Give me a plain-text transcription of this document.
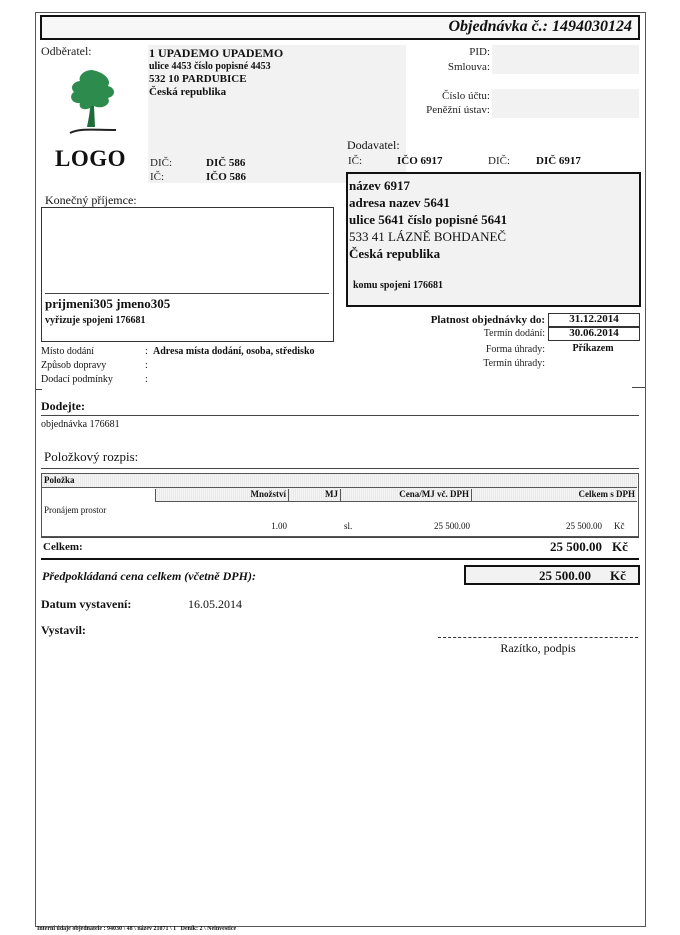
Objednávka č.: 1494030124
Odběratel:
LOGO
1 UPADEMO UPADEMO
ulice 4453 číslo popisné 4453
532 10 PARDUBICE
Česká republika
DIČ:	DIČ 586
IČ:	IČO 586
PID:
Smlouva:
Číslo účtu:
Peněžní ústav:
Dodavatel:
IČ:	IČO 6917	DIČ: DIČ 6917
název 6917
adresa nazev 5641
ulice 5641 číslo popisné 5641
533 41 LÁZNĚ BOHDANEČ
Česká republika
komu spojeni 176681
Konečný příjemce:
prijmeni305 jmeno305
vyřizuje spojeni 176681	Platnost objednávky do:	31.12.2014
Termín dodání:	30.06.2014
Forma úhrady:	Příkazem
Termín úhrady:
Místo dodání	: Adresa místa dodání, osoba, středisko
Způsob dopravy	:
Dodací podmínky	:
Dodejte:
objednávka 176681
Položkový rozpis:
Položka
Množství	MJ	Cena/MJ vč. DPH	Celkem s DPH
Pronájem prostor
1.00	sl.	25 500.00	25 500.00 Kč
Celkem:	25 500.00 Kč
Předpokládaná cena celkem (včetně DPH):	25 500.00 Kč
Datum vystavení:	16.05.2014
Vystavil:
Razítko, podpis
Interní údaje objednatele : 94030 \ 48 \ název 21071 \ 1   Deník: 2 \ Neinvestice
